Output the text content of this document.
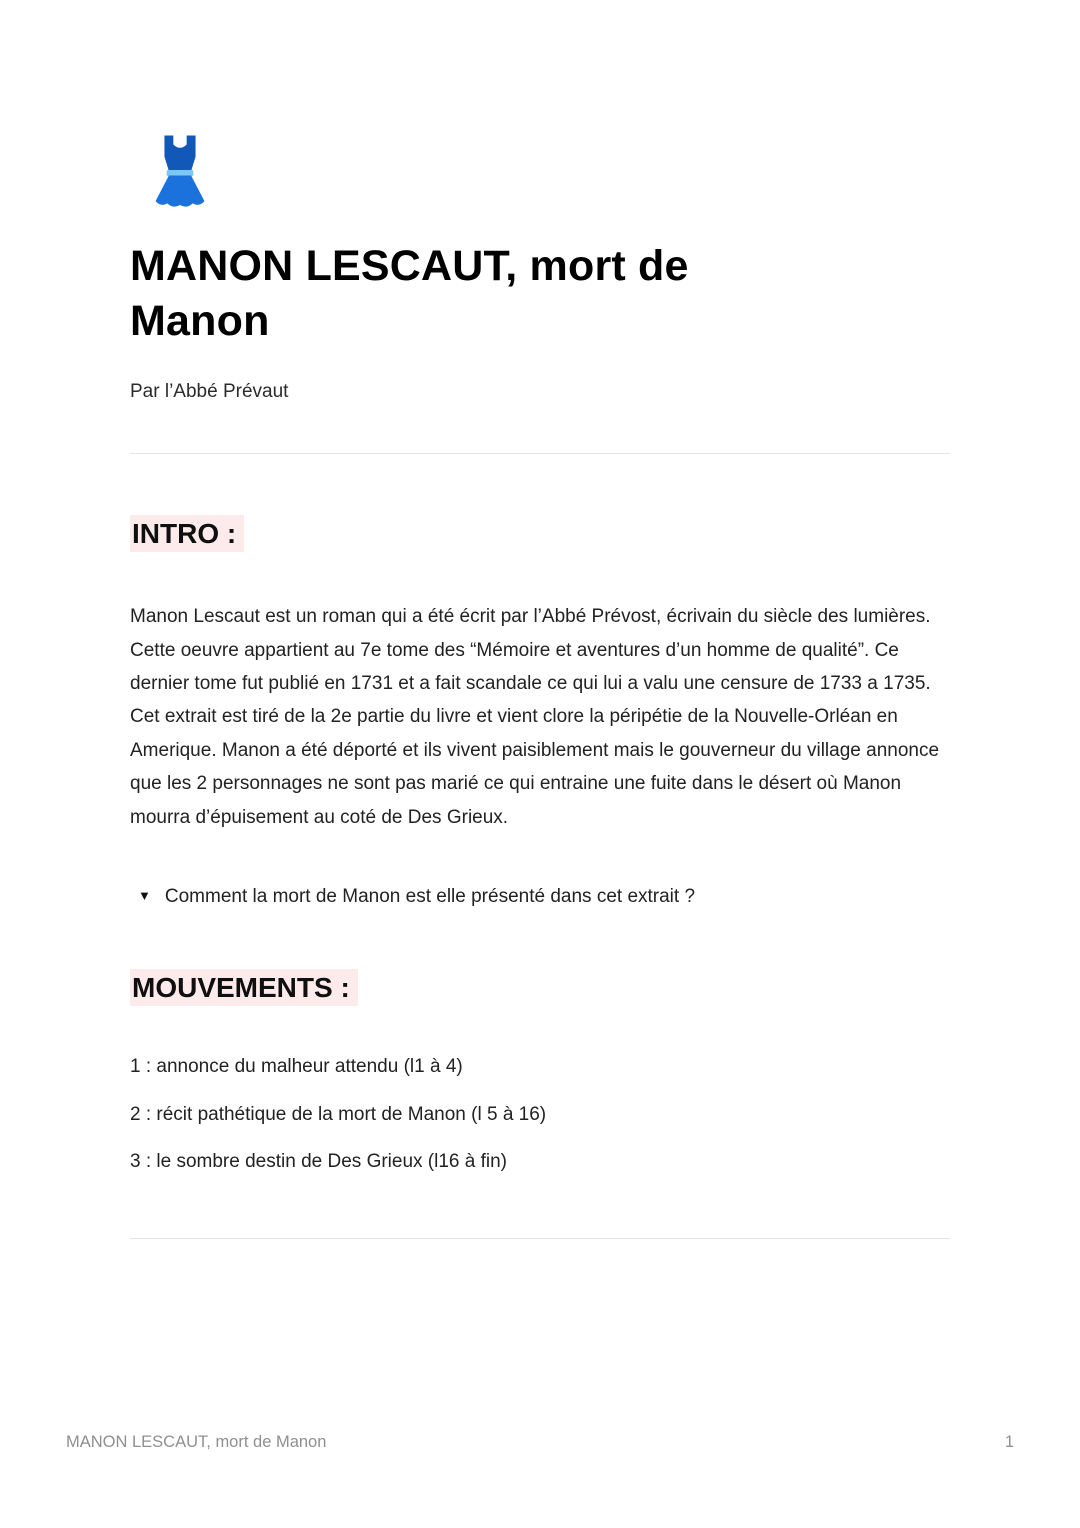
MANON LESCAUT, mort de Manon

Par l’Abbé Prévaut

INTRO :

Manon Lescaut est un roman qui a été écrit par l’Abbé Prévost, écrivain du siècle des lumières. Cette oeuvre appartient au 7e tome des “Mémoire et aventures d’un homme de qualité”. Ce dernier tome fut publié en 1731 et a fait scandale ce qui lui a valu une censure de 1733 a 1735. Cet extrait est tiré de la 2e partie du livre et vient clore la péripétie de la Nouvelle-Orléan en Amerique. Manon a été déporté et ils vivent paisiblement mais le gouverneur du village annonce que les 2 personnages ne sont pas marié ce qui entraine une fuite dans le désert où Manon mourra d’épuisement au coté de Des Grieux.

▼ Comment la mort de Manon est elle présenté dans cet extrait ?
MOUVEMENTS :

1 : annonce du malheur attendu (l1 à 4)

2 : récit pathétique de la mort de Manon (l 5 à 16)

3 : le sombre destin de Des Grieux (l16 à fin)

MANON LESCAUT, mort de Manon	1
